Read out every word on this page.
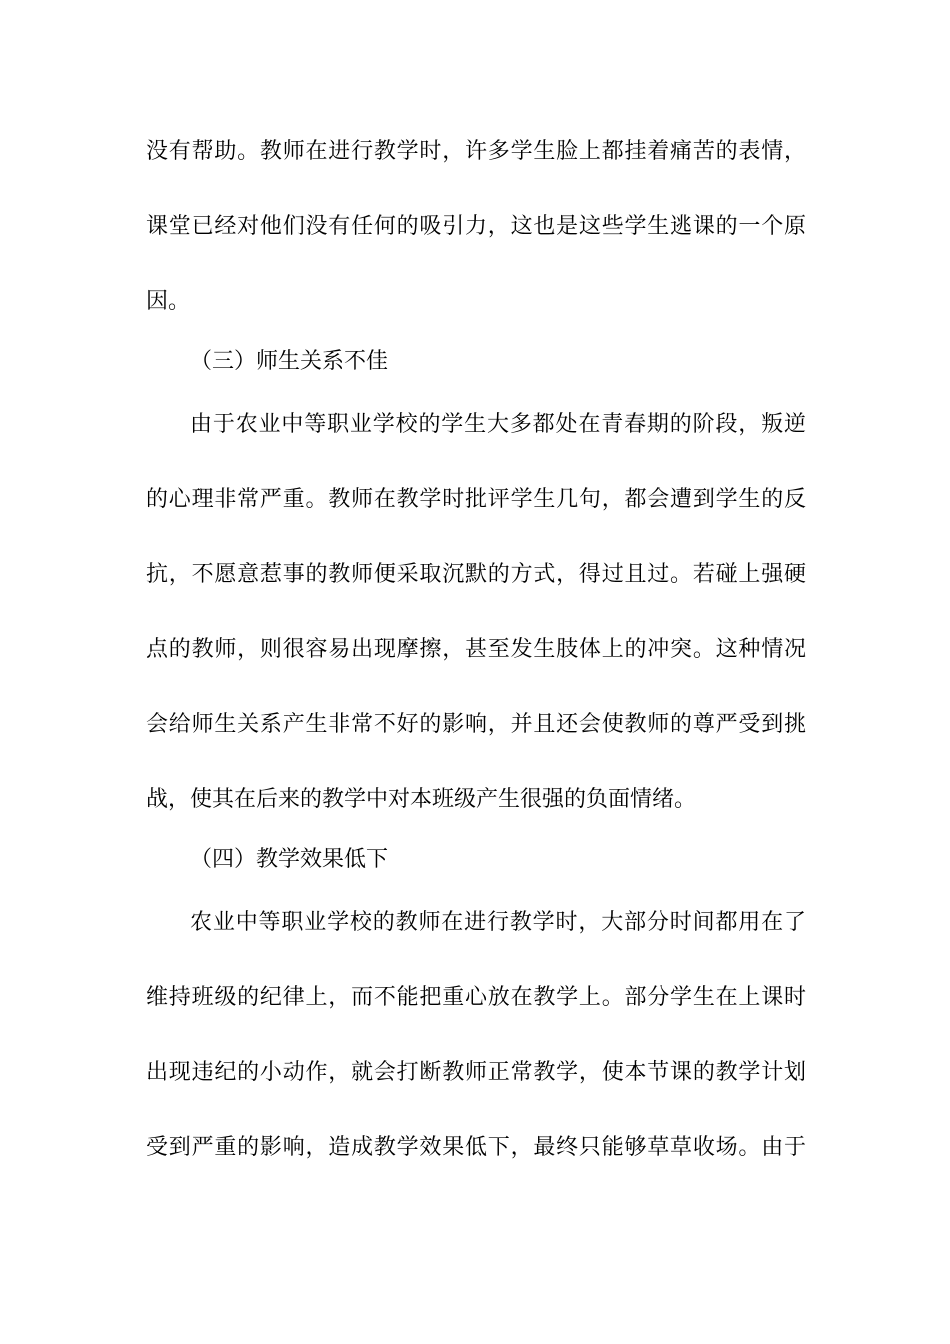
没有帮助。教师在进行教学时，许多学生脸上都挂着痛苦的表情，
课堂已经对他们没有任何的吸引力，这也是这些学生逃课的一个原
因。
（三）师生关系不佳
由于农业中等职业学校的学生大多都处在青春期的阶段，叛逆
的心理非常严重。教师在教学时批评学生几句，都会遭到学生的反
抗，不愿意惹事的教师便采取沉默的方式，得过且过。若碰上强硬
点的教师，则很容易出现摩擦，甚至发生肢体上的冲突。这种情况
会给师生关系产生非常不好的影响，并且还会使教师的尊严受到挑
战，使其在后来的教学中对本班级产生很强的负面情绪。
（四）教学效果低下
农业中等职业学校的教师在进行教学时，大部分时间都用在了
维持班级的纪律上，而不能把重心放在教学上。部分学生在上课时
出现违纪的小动作，就会打断教师正常教学，使本节课的教学计划
受到严重的影响，造成教学效果低下，最终只能够草草收场。由于
